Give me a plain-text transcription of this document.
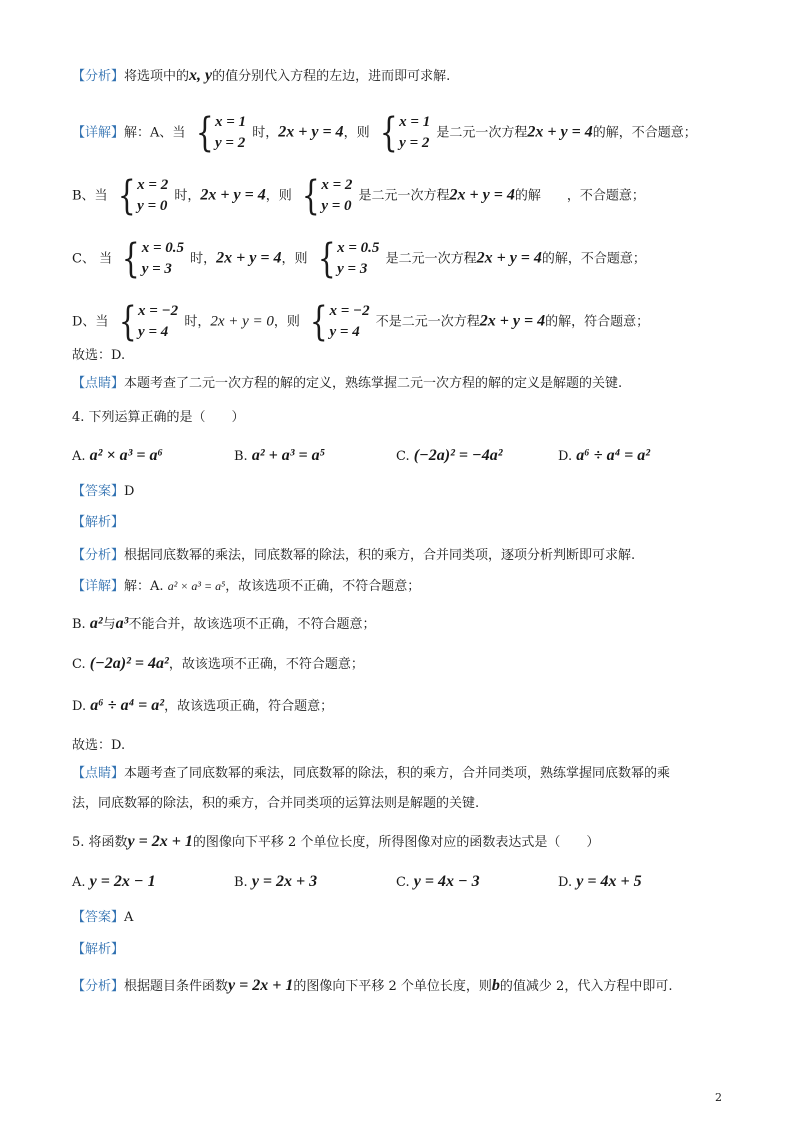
【分析】将选项中的x, y的值分别代入方程的左边，进而即可求解.
【详解】解：A、当 { x = 1
y = 2
时，2x + y = 4，则 { x = 1
y = 2
是二元一次方程2x + y = 4的解，不合题意；
B、当 { x = 2
y = 0
时，2x + y = 4，则 { x = 2
y = 0
是二元一次方程2x + y = 4的解　　，不合题意；
C、 当 { x = 0.5
y = 3
时，2x + y = 4，则 { x = 0.5
y = 3
是二元一次方程2x + y = 4的解，不合题意；
D、当 { x = −2
y = 4
时，2x + y = 0，则 { x = −2
y = 4
不是二元一次方程2x + y = 4的解，符合题意；
故选：D.
【点睛】本题考查了二元一次方程的解的定义，熟练掌握二元一次方程的解的定义是解题的关键.
4. 下列运算正确的是（　　）
A. a² × a³ = a⁶	B. a² + a³ = a⁵	C. (−2a)² = −4a²	D. a⁶ ÷ a⁴ = a²
【答案】D
【解析】
【分析】根据同底数幂的乘法，同底数幂的除法，积的乘方，合并同类项，逐项分析判断即可求解.
【详解】解：A. a² × a³ = a⁵，故该选项不正确，不符合题意；
B. a²与a³不能合并，故该选项不正确，不符合题意；
C. (−2a)² = 4a²，故该选项不正确，不符合题意；
D. a⁶ ÷ a⁴ = a²，故该选项正确，符合题意；
故选：D.
【点睛】本题考查了同底数幂的乘法，同底数幂的除法，积的乘方，合并同类项，熟练掌握同底数幂的乘
法，同底数幂的除法，积的乘方，合并同类项的运算法则是解题的关键.
5. 将函数y = 2x + 1的图像向下平移 2 个单位长度，所得图像对应的函数表达式是（　　）
A. y = 2x − 1	B. y = 2x + 3	C. y = 4x − 3	D. y = 4x + 5
【答案】A
【解析】
【分析】根据题目条件函数y = 2x + 1的图像向下平移 2 个单位长度，则b的值减少 2，代入方程中即可.
2
